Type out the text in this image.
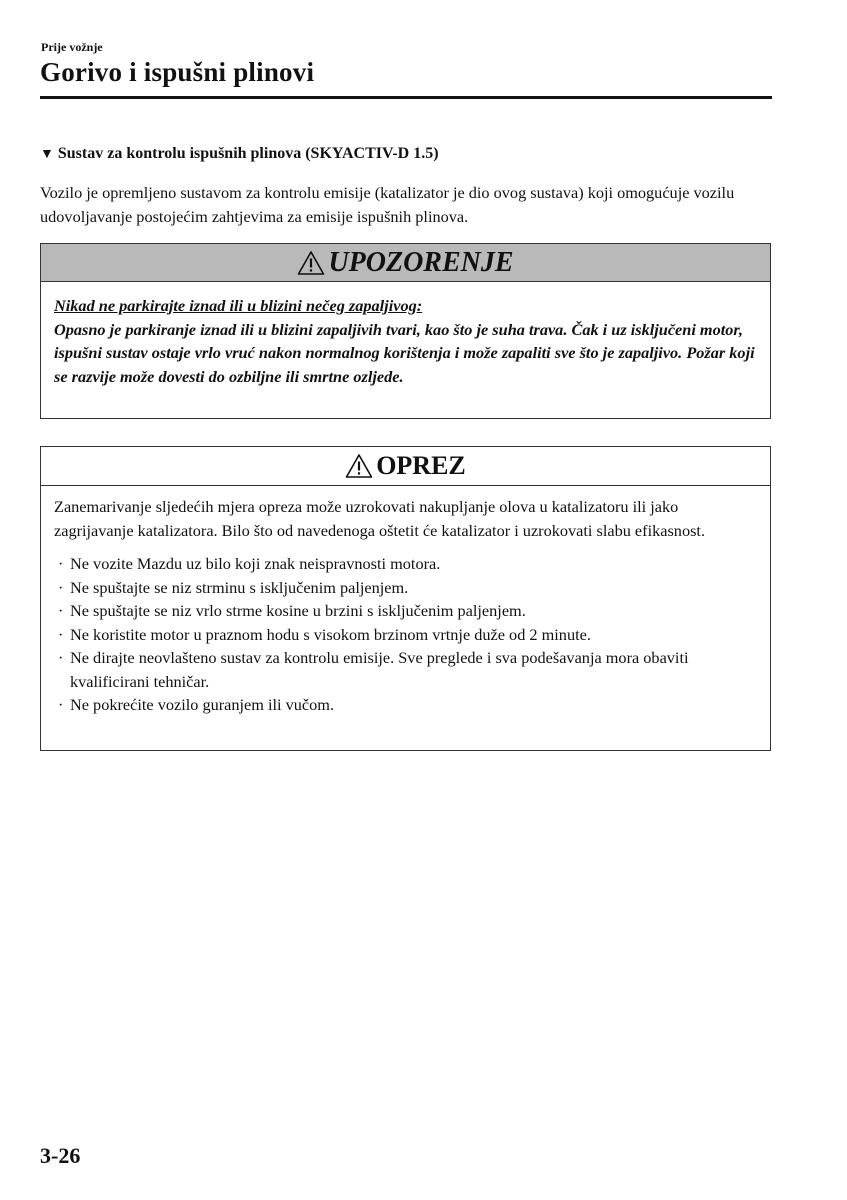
Prije vožnje
Gorivo i ispušni plinovi
▼ Sustav za kontrolu ispušnih plinova (SKYACTIV-D 1.5)
Vozilo je opremljeno sustavom za kontrolu emisije (katalizator je dio ovog sustava) koji omogućuje vozilu udovoljavanje postojećim zahtjevima za emisije ispušnih plinova.
UPOZORENJE
Nikad ne parkirajte iznad ili u blizini nečeg zapaljivog:
Opasno je parkiranje iznad ili u blizini zapaljivih tvari, kao što je suha trava. Čak i uz isključeni motor, ispušni sustav ostaje vrlo vruć nakon normalnog korištenja i može zapaliti sve što je zapaljivo. Požar koji se razvije može dovesti do ozbiljne ili smrtne ozljede.
OPREZ
Zanemarivanje sljedećih mjera opreza može uzrokovati nakupljanje olova u katalizatoru ili jako zagrijavanje katalizatora. Bilo što od navedenoga oštetit će katalizator i uzrokovati slabu efikasnost.
· Ne vozite Mazdu uz bilo koji znak neispravnosti motora.
· Ne spuštajte se niz strminu s isključenim paljenjem.
· Ne spuštajte se niz vrlo strme kosine u brzini s isključenim paljenjem.
· Ne koristite motor u praznom hodu s visokom brzinom vrtnje duže od 2 minute.
· Ne dirajte neovlašteno sustav za kontrolu emisije. Sve preglede i sva podešavanja mora obaviti kvalificirani tehničar.
· Ne pokrećite vozilo guranjem ili vučom.
3-26
